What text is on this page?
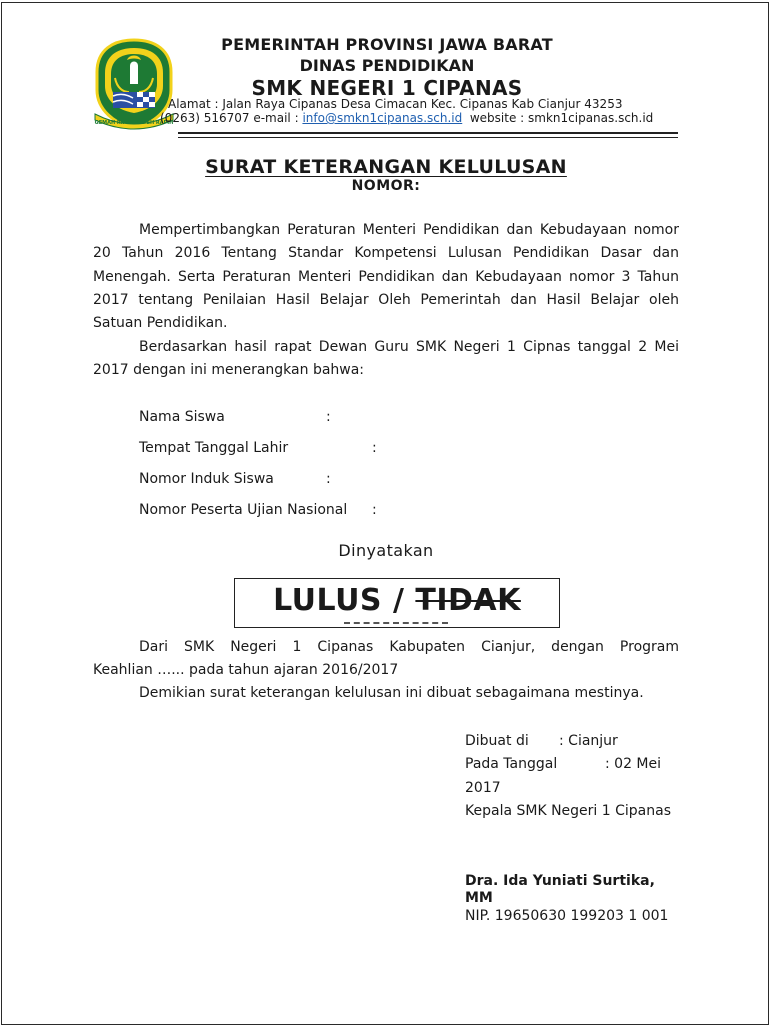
GEMAH RIPAH REPEH RAPIH
PEMERINTAH PROVINSI JAWA BARAT
DINAS PENDIDIKAN
SMK NEGERI 1 CIPANAS
Alamat : Jalan Raya Cipanas Desa Cimacan Kec. Cipanas Kab Cianjur 43253
(0263) 516707 e-mail : info@smkn1cipanas.sch.id  website : smkn1cipanas.sch.id
SURAT KETERANGAN KELULUSAN
NOMOR:
Mempertimbangkan Peraturan Menteri Pendidikan dan Kebudayaan nomor
20 Tahun 2016 Tentang Standar Kompetensi Lulusan Pendidikan Dasar dan
Menengah. Serta Peraturan Menteri Pendidikan dan Kebudayaan nomor 3 Tahun
2017 tentang Penilaian Hasil Belajar Oleh Pemerintah dan Hasil Belajar oleh
Satuan Pendidikan.
Berdasarkan hasil rapat Dewan Guru SMK Negeri 1 Cipnas tanggal 2 Mei
2017 dengan ini menerangkan bahwa:
Nama Siswa	:
Tempat Tanggal Lahir	:
Nomor Induk Siswa	:
Nomor Peserta Ujian Nasional :
Dinyatakan
LULUS / TIDAK
Dari SMK Negeri 1 Cipanas Kabupaten Cianjur, dengan Program
Keahlian …... pada tahun ajaran 2016/2017
Demikian surat keterangan kelulusan ini dibuat sebagaimana mestinya.
Dibuat di : Cianjur
Pada Tanggal	: 02 Mei
2017
Kepala SMK Negeri 1 Cipanas
Dra. Ida Yuniati Surtika,
MM
NIP. 19650630 199203 1 001
